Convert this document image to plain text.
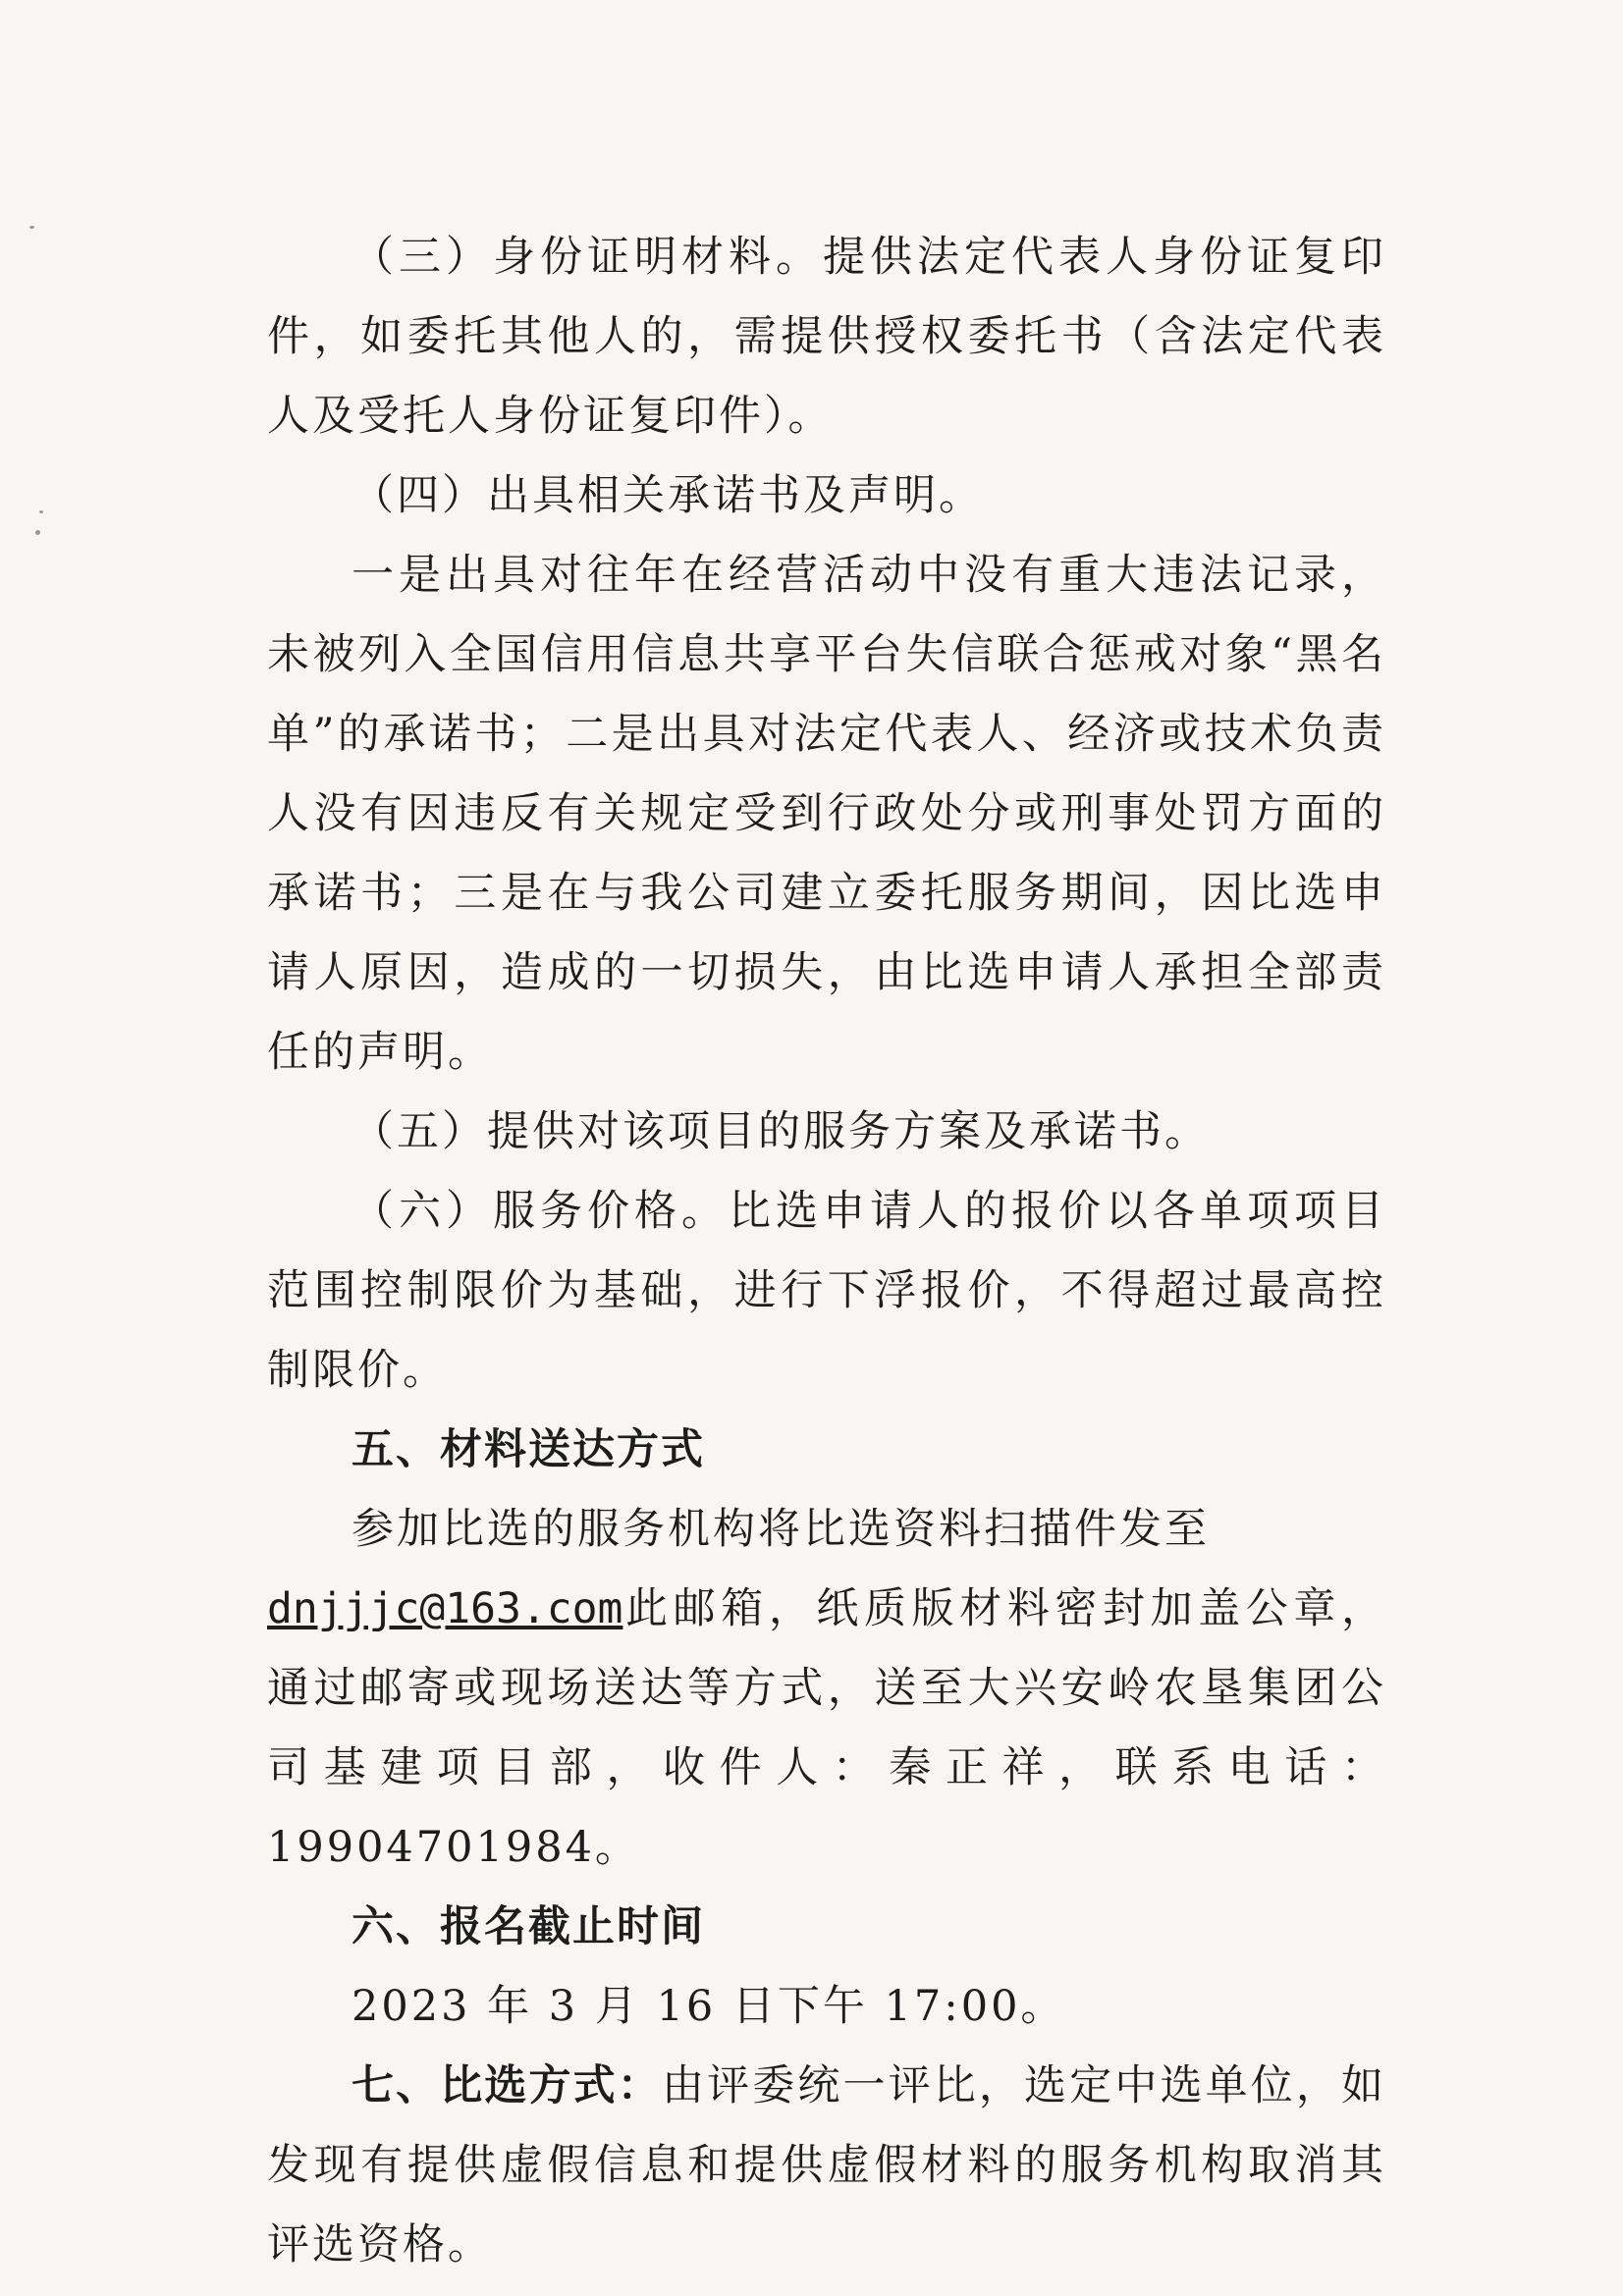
（三）身份证明材料。提供法定代表人身份证复印件，如委托其他人的，需提供授权委托书（含法定代表人及受托人身份证复印件）。

（四）出具相关承诺书及声明。

一是出具对往年在经营活动中没有重大违法记录，未被列入全国信用信息共享平台失信联合惩戒对象“黑名单”的承诺书；二是出具对法定代表人、经济或技术负责人没有因违反有关规定受到行政处分或刑事处罚方面的承诺书；三是在与我公司建立委托服务期间，因比选申请人原因，造成的一切损失，由比选申请人承担全部责任的声明。

（五）提供对该项目的服务方案及承诺书。

（六）服务价格。比选申请人的报价以各单项项目范围控制限价为基础，进行下浮报价，不得超过最高控制限价。

五、材料送达方式

参加比选的服务机构将比选资料扫描件发至

dnjjjc@163.com此邮箱，纸质版材料密封加盖公章，通过邮寄或现场送达等方式，送至大兴安岭农垦集团公司基建项目部，收件人：秦正祥，联系电话：19904701984。

六、报名截止时间

2023 年 3 月 16 日下午 17:00。

七、比选方式：由评委统一评比，选定中选单位，如发现有提供虚假信息和提供虚假材料的服务机构取消其评选资格。
